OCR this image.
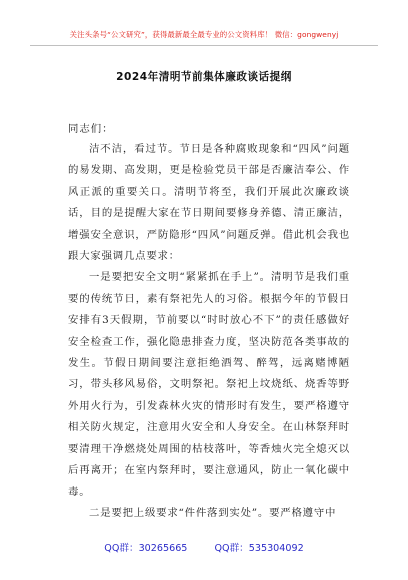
关注头条号“公文研究”，获得最新最全最专业的公文资料库！ 微信：gongwenyj
2024年清明节前集体廉政谈话提纲
同志们：

洁不洁，看过节。节日是各种腐败现象和“四风”问题的易发期、高发期，更是检验党员干部是否廉洁奉公、作风正派的重要关口。清明节将至，我们开展此次廉政谈话，目的是提醒大家在节日期间要修身养德、清正廉洁，增强安全意识，严防隐形“四风”问题反弹。借此机会我也跟大家强调几点要求：

一是要把安全文明“紧紧抓在手上”。清明节是我们重要的传统节日，素有祭祀先人的习俗。根据今年的节假日安排有3天假期，节前要以“时时放心不下”的责任感做好安全检查工作，强化隐患排查力度，坚决防范各类事故的发生。节假日期间要注意拒绝酒驾、醉驾，远离赌博陋习，带头移风易俗，文明祭祀。祭祀上坟烧纸、烧香等野外用火行为，引发森林火灾的情形时有发生，要严格遵守相关防火规定，注意用火安全和人身安全。在山林祭拜时要清理干净燃烧处周围的枯枝落叶，等香烛火完全熄灭以后再离开；在室内祭拜时，要注意通风，防止一氧化碳中毒。

二是要把上级要求“件件落到实处”。要严格遵守中

QQ群：30265665	QQ群：535304092
